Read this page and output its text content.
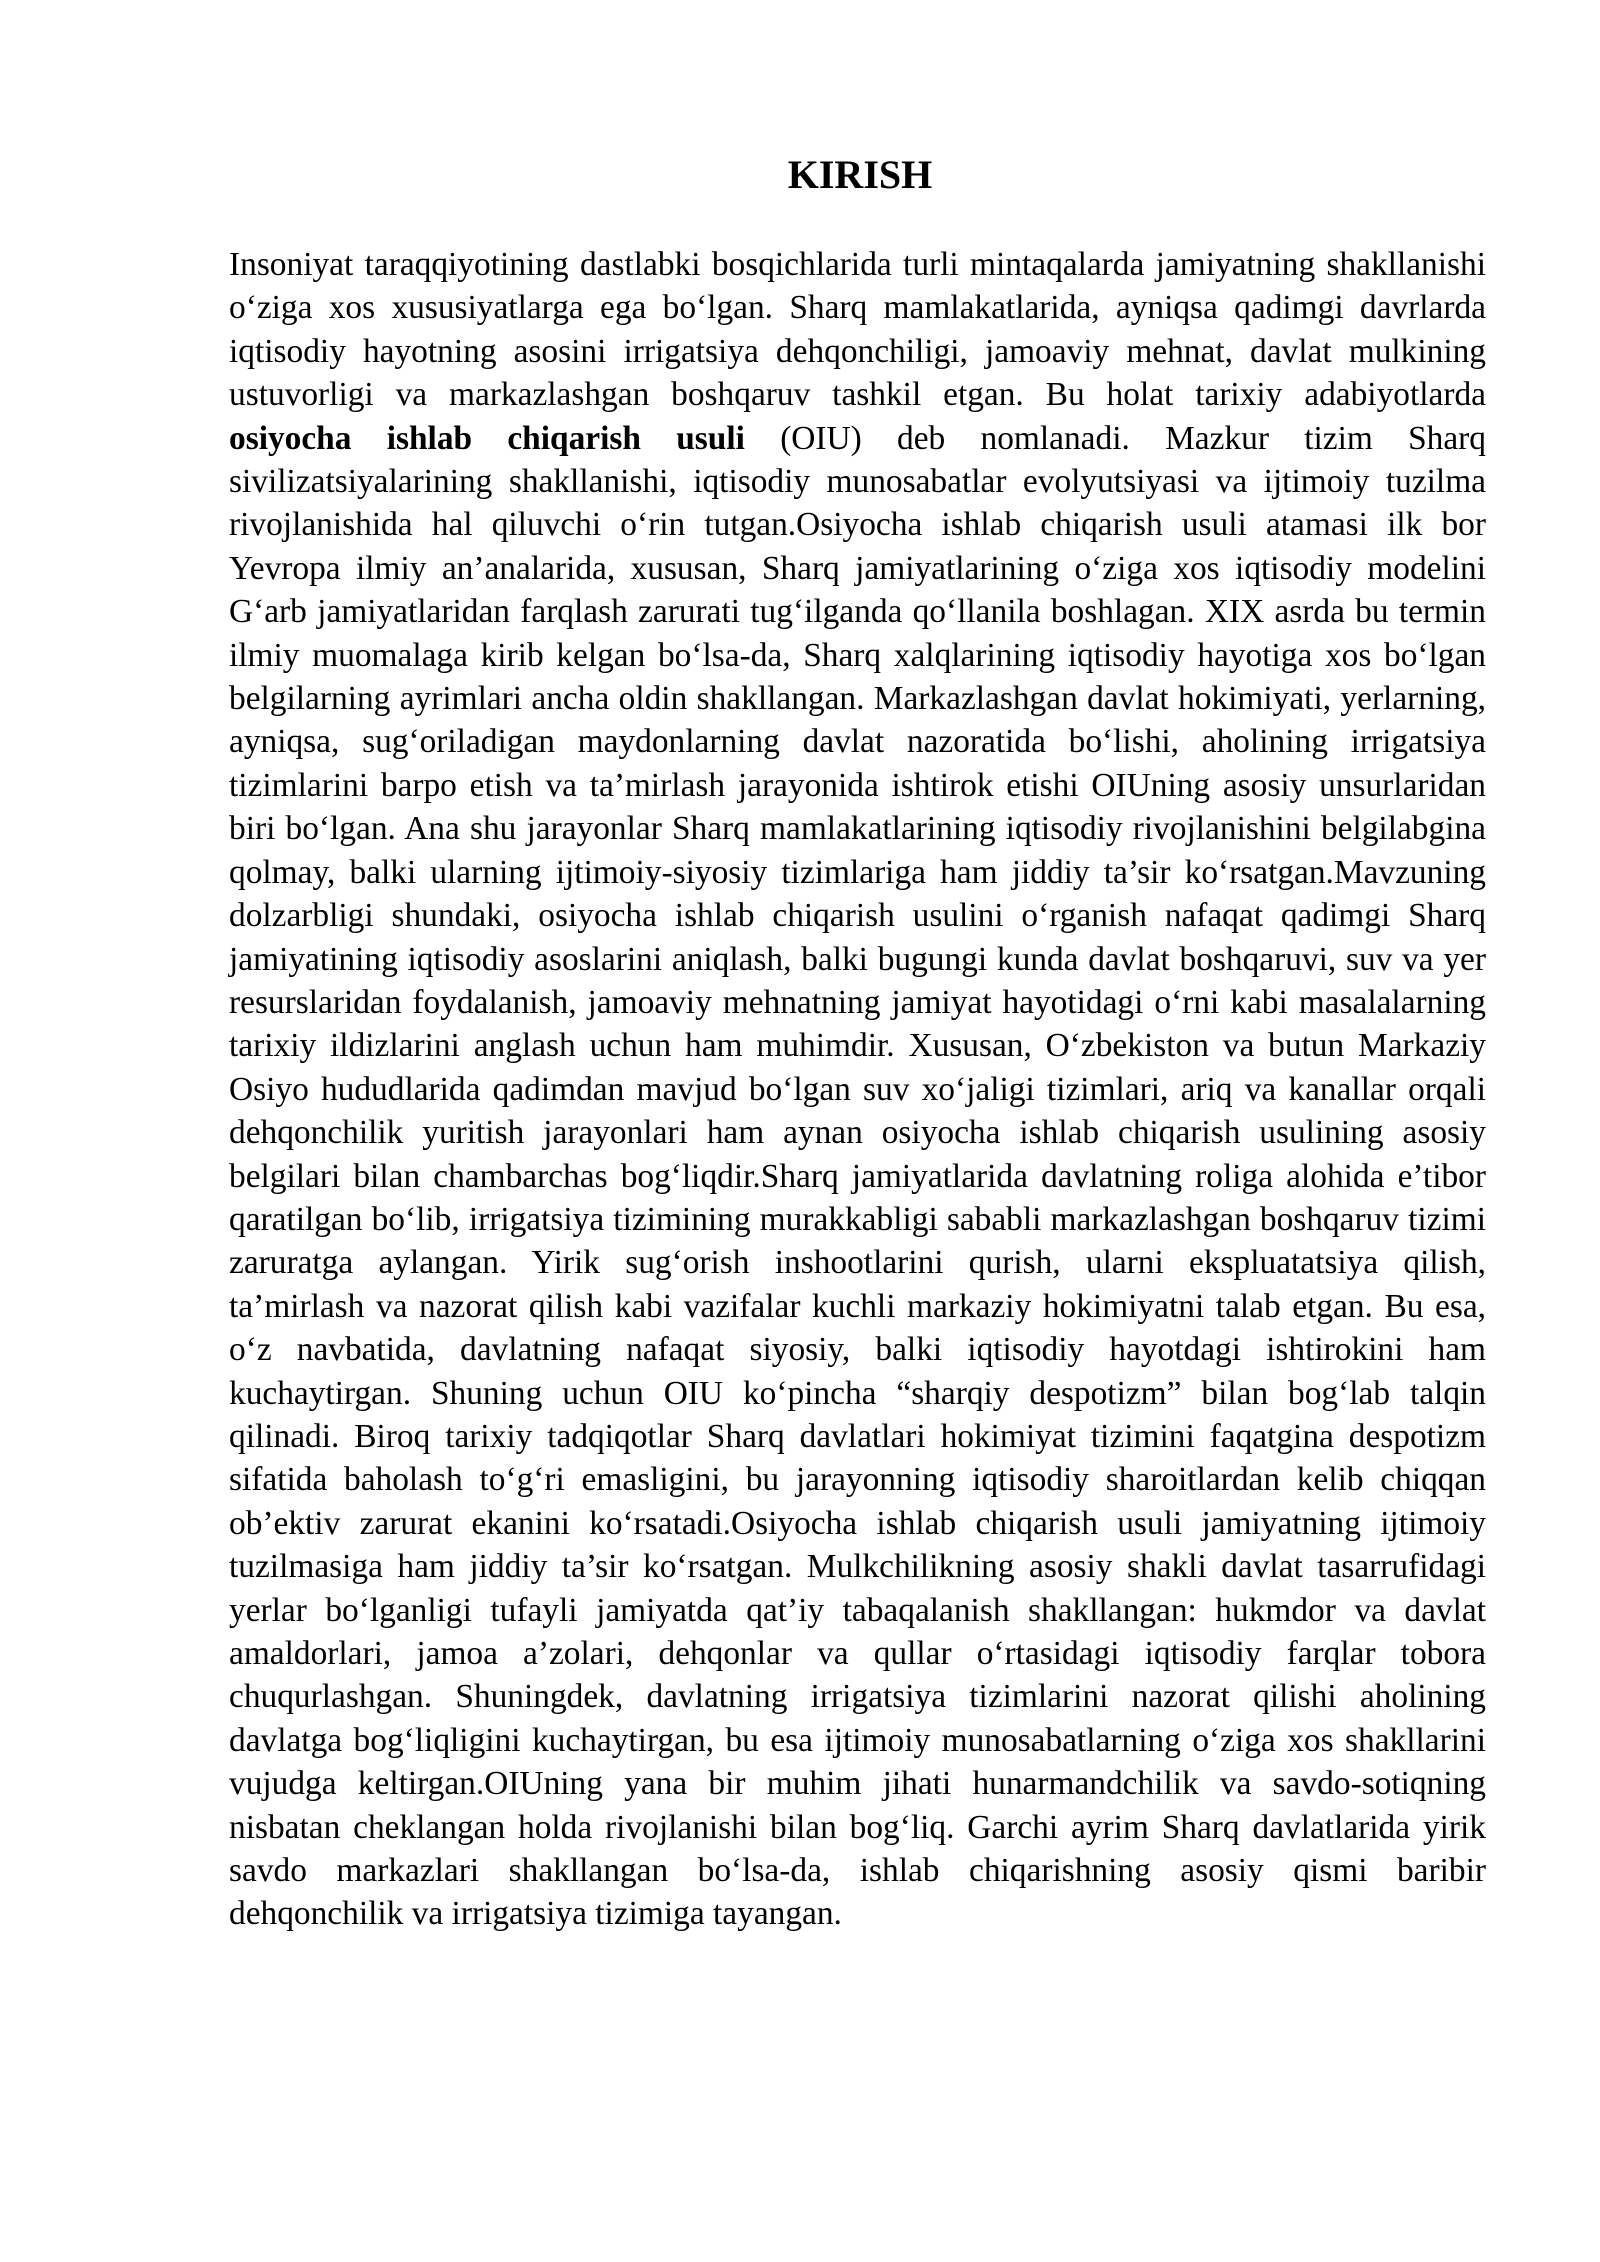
KIRISH

Insoniyat taraqqiyotining dastlabki bosqichlarida turli mintaqalarda jamiyatning shakllanishi o‘ziga xos xususiyatlarga ega bo‘lgan. Sharq mamlakatlarida, ayniqsa qadimgi davrlarda iqtisodiy hayotning asosini irrigatsiya dehqonchiligi, jamoaviy mehnat, davlat mulkining ustuvorligi va markazlashgan boshqaruv tashkil etgan. Bu holat tarixiy adabiyotlarda osiyocha ishlab chiqarish usuli (OIU) deb nomlanadi. Mazkur tizim Sharq sivilizatsiyalarining shakllanishi, iqtisodiy munosabatlar evolyutsiyasi va ijtimoiy tuzilma rivojlanishida hal qiluvchi o‘rin tutgan.Osiyocha ishlab chiqarish usuli atamasi ilk bor Yevropa ilmiy an’analarida, xususan, Sharq jamiyatlarining o‘ziga xos iqtisodiy modelini G‘arb jamiyatlaridan farqlash zarurati tug‘ilganda qo‘llanila boshlagan. XIX asrda bu termin ilmiy muomalaga kirib kelgan bo‘lsa-da, Sharq xalqlarining iqtisodiy hayotiga xos bo‘lgan belgilarning ayrimlari ancha oldin shakllangan. Markazlashgan davlat hokimiyati, yerlarning, ayniqsa, sug‘oriladigan maydonlarning davlat nazoratida bo‘lishi, aholining irrigatsiya tizimlarini barpo etish va ta’mirlash jarayonida ishtirok etishi OIUning asosiy unsurlaridan biri bo‘lgan. Ana shu jarayonlar Sharq mamlakatlarining iqtisodiy rivojlanishini belgilabgina qolmay, balki ularning ijtimoiy-siyosiy tizimlariga ham jiddiy ta’sir ko‘rsatgan.Mavzuning dolzarbligi shundaki, osiyocha ishlab chiqarish usulini o‘rganish nafaqat qadimgi Sharq jamiyatining iqtisodiy asoslarini aniqlash, balki bugungi kunda davlat boshqaruvi, suv va yer resurslaridan foydalanish, jamoaviy mehnatning jamiyat hayotidagi o‘rni kabi masalalarning tarixiy ildizlarini anglash uchun ham muhimdir. Xususan, O‘zbekiston va butun Markaziy Osiyo hududlarida qadimdan mavjud bo‘lgan suv xo‘jaligi tizimlari, ariq va kanallar orqali dehqonchilik yuritish jarayonlari ham aynan osiyocha ishlab chiqarish usulining asosiy belgilari bilan chambarchas bog‘liqdir.Sharq jamiyatlarida davlatning roliga alohida e’tibor qaratilgan bo‘lib, irrigatsiya tizimining murakkabligi sababli markazlashgan boshqaruv tizimi zaruratga aylangan. Yirik sug‘orish inshootlarini qurish, ularni ekspluatatsiya qilish, ta’mirlash va nazorat qilish kabi vazifalar kuchli markaziy hokimiyatni talab etgan. Bu esa, o‘z navbatida, davlatning nafaqat siyosiy, balki iqtisodiy hayotdagi ishtirokini ham kuchaytirgan. Shuning uchun OIU ko‘pincha “sharqiy despotizm” bilan bog‘lab talqin qilinadi. Biroq tarixiy tadqiqotlar Sharq davlatlari hokimiyat tizimini faqatgina despotizm sifatida baholash to‘g‘ri emasligini, bu jarayonning iqtisodiy sharoitlardan kelib chiqqan ob’ektiv zarurat ekanini ko‘rsatadi.Osiyocha ishlab chiqarish usuli jamiyatning ijtimoiy tuzilmasiga ham jiddiy ta’sir ko‘rsatgan. Mulkchilikning asosiy shakli davlat tasarrufidagi yerlar bo‘lganligi tufayli jamiyatda qat’iy tabaqalanish shakllangan: hukmdor va davlat amaldorlari, jamoa a’zolari, dehqonlar va qullar o‘rtasidagi iqtisodiy farqlar tobora chuqurlashgan. Shuningdek, davlatning irrigatsiya tizimlarini nazorat qilishi aholining davlatga bog‘liqligini kuchaytirgan, bu esa ijtimoiy munosabatlarning o‘ziga xos shakllarini vujudga keltirgan.OIUning yana bir muhim jihati hunarmandchilik va savdo-sotiqning nisbatan cheklangan holda rivojlanishi bilan bog‘liq. Garchi ayrim Sharq davlatlarida yirik savdo markazlari shakllangan bo‘lsa-da, ishlab chiqarishning asosiy qismi baribir dehqonchilik va irrigatsiya tizimiga tayangan.
